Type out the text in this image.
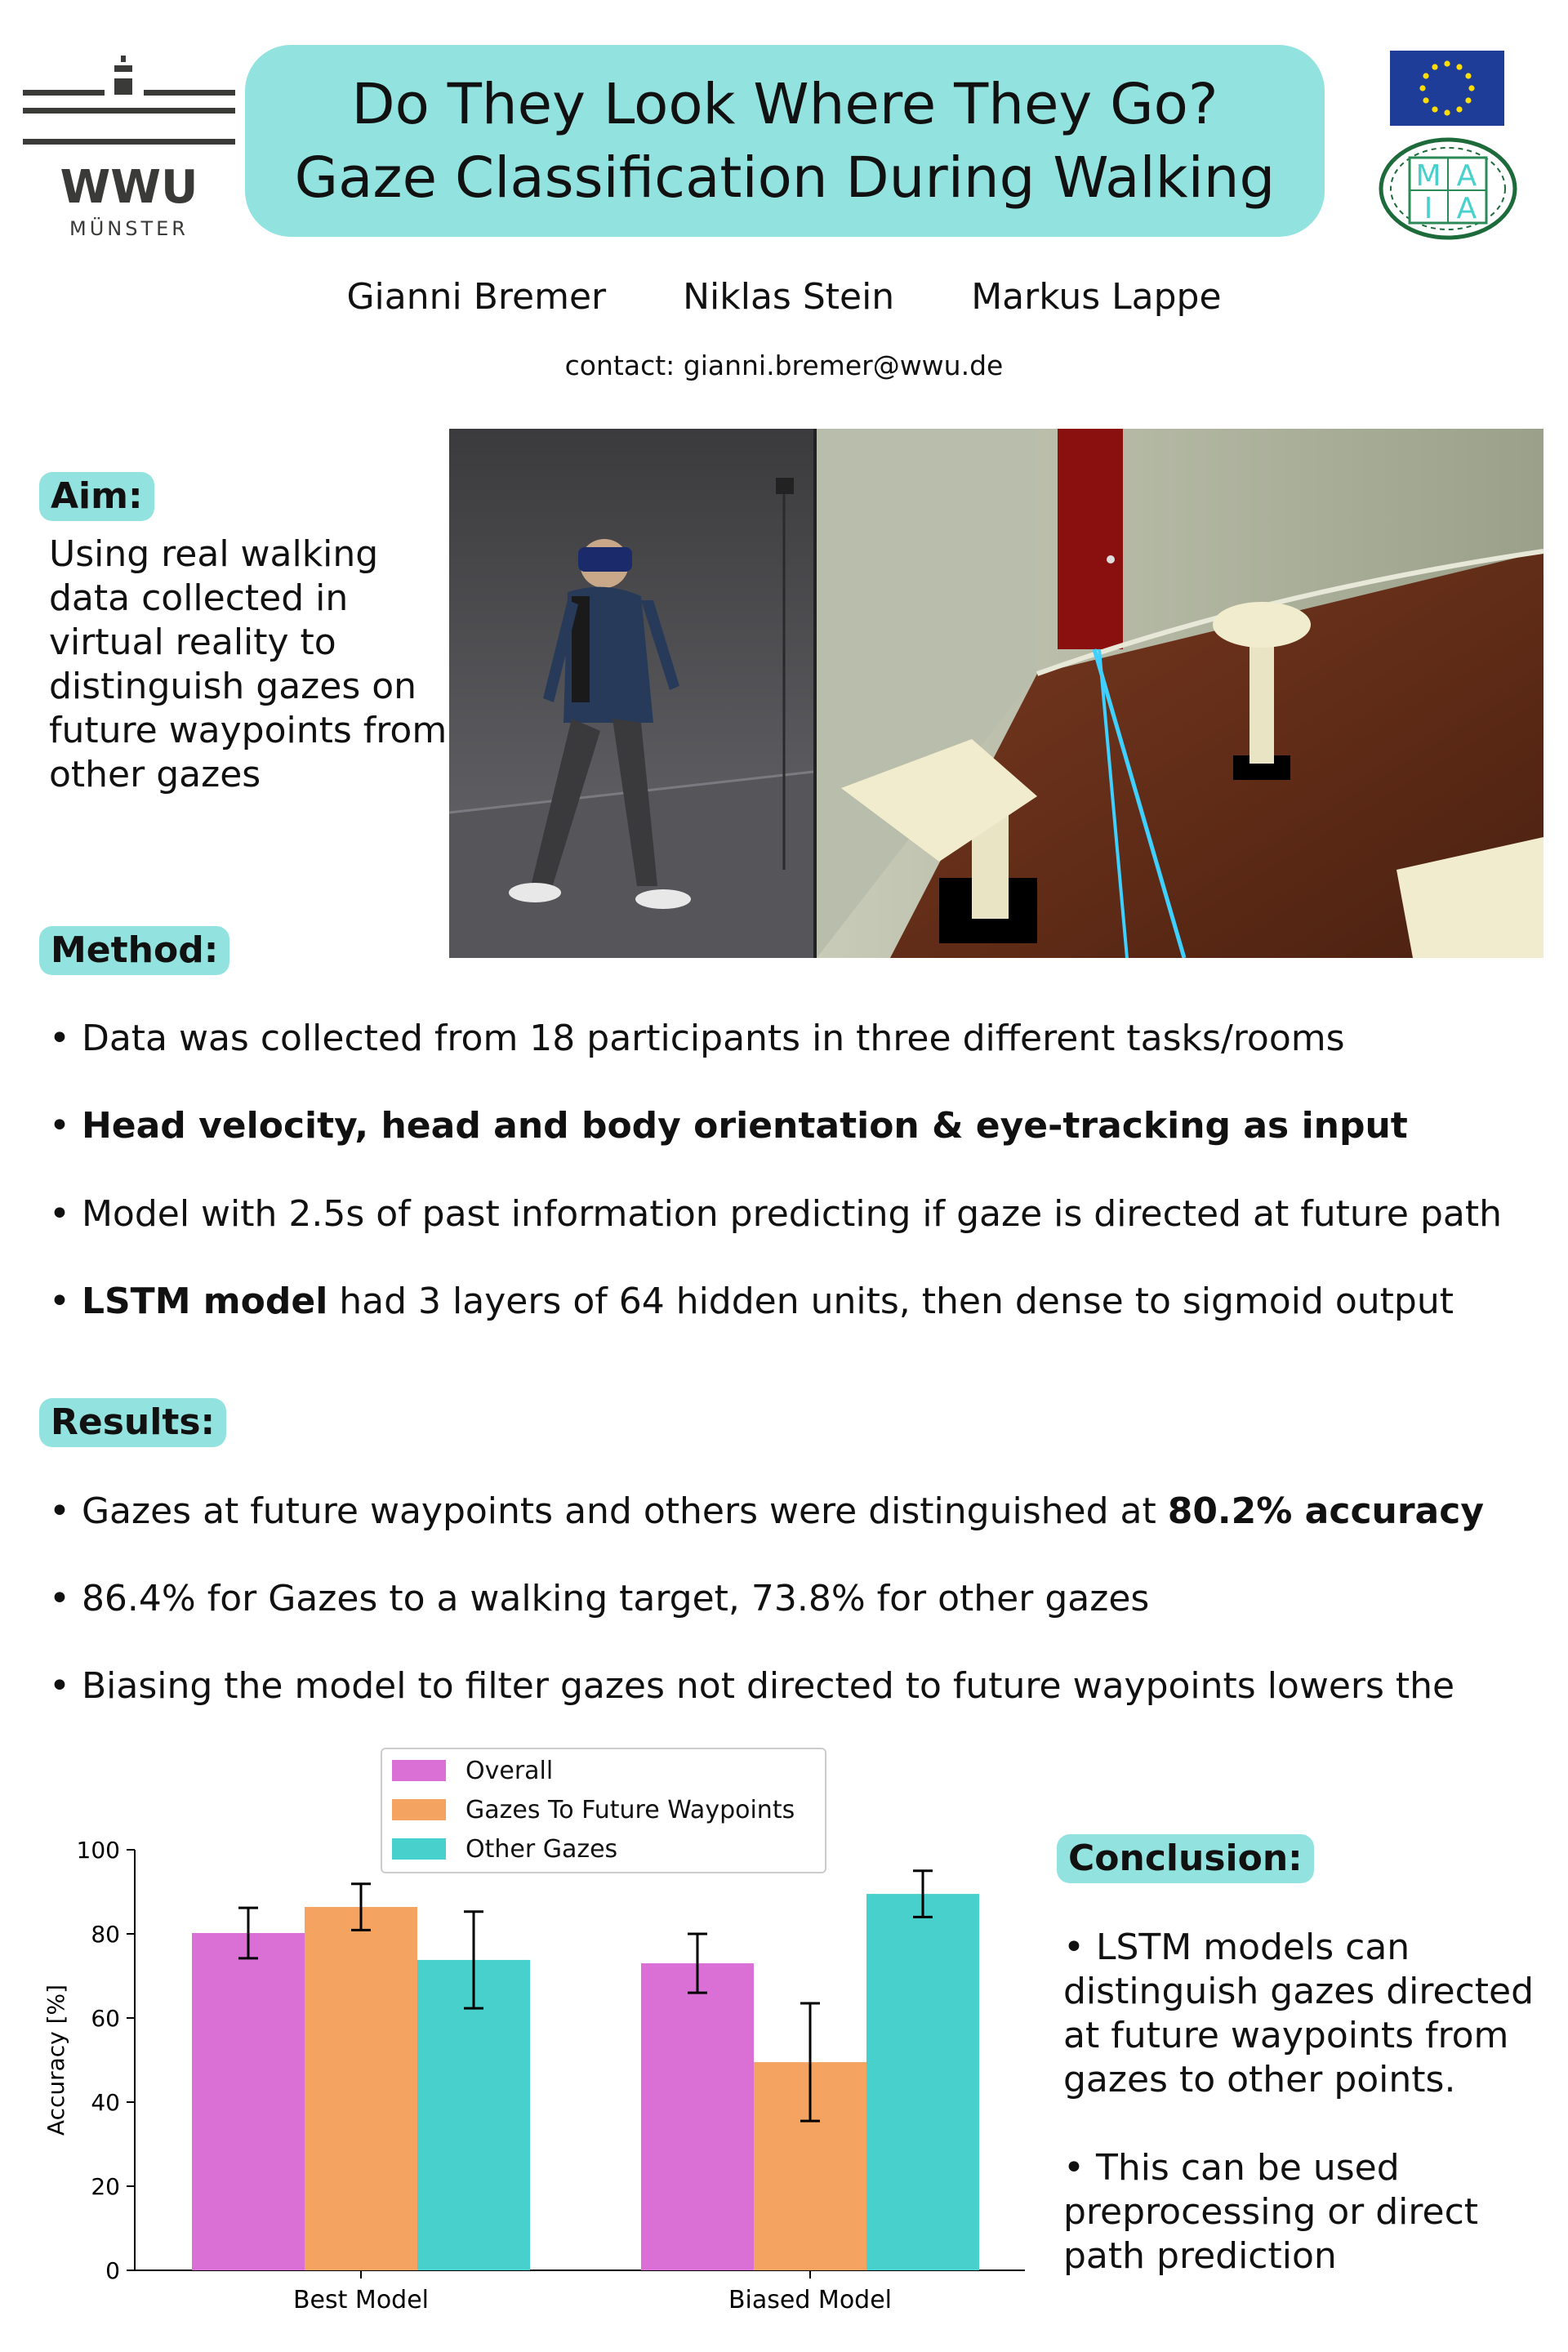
WWU
MÜNSTER
Do They Look Where They Go?
Gaze Classification During Walking	M A
I A
Gianni Bremer Niklas Stein Markus Lappe
contact: gianni.bremer@wwu.de
Aim:
Using real walking data collected in virtual reality to distinguish gazes on future waypoints from other gazes
Method:
• Data was collected from 18 participants in three different tasks/rooms
• Head velocity, head and body orientation & eye-tracking as input
• Model with 2.5s of past information predicting if gaze is directed at future path
• LSTM model had 3 layers of 64 hidden units, then dense to sigmoid output
Results:
• Gazes at future waypoints and others were distinguished at 80.2% accuracy
• 86.4% for Gazes to a walking target, 73.8% for other gazes
• Biasing the model to filter gazes not directed to future waypoints lowers the
0
20
40
60
80
100
Accuracy [%]
Best Model	Biased Model
Overall
Gazes To Future Waypoints
Other Gazes	Conclusion:
• LSTM models can distinguish gazes directed at future waypoints from gazes to other points.
• This can be used preprocessing or direct path prediction
